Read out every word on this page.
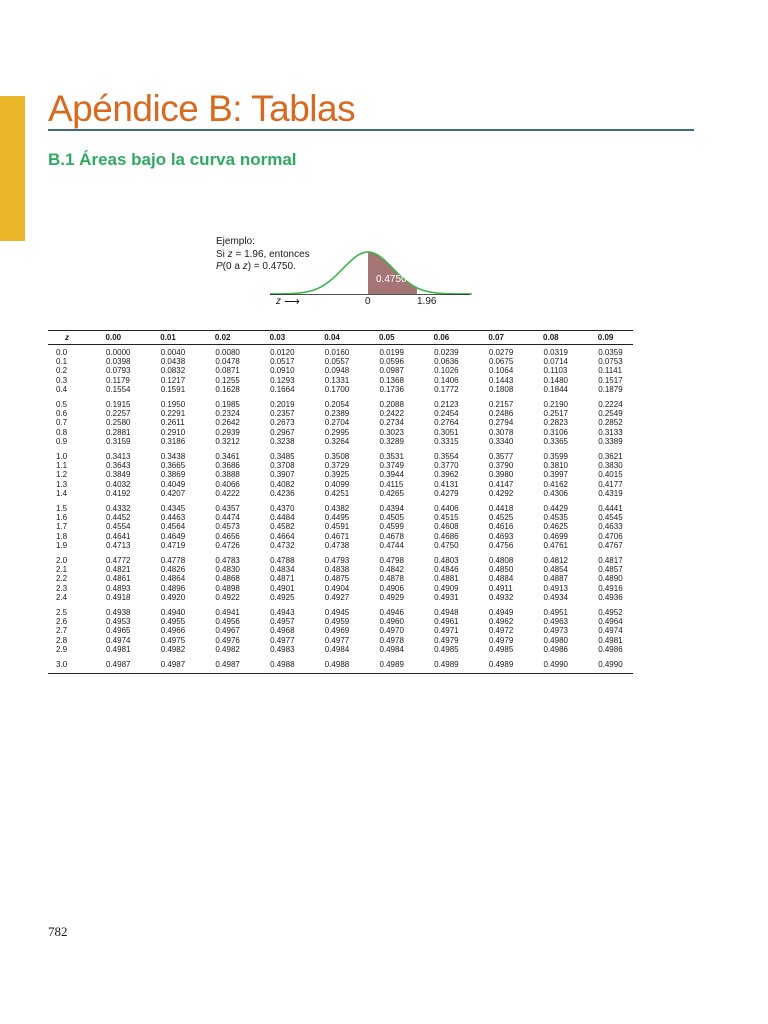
Apéndice B: Tablas
B.1 Áreas bajo la curva normal
Ejemplo:
Si z = 1.96, entonces
P(0 a z) = 0.4750.
0.4750
0	1.96
z ⟶
z	0.00	0.01	0.02	0.03	0.04	0.05	0.06	0.07	0.08	0.09
0.0	0.0000	0.0040	0.0080	0.0120	0.0160	0.0199	0.0239	0.0279	0.0319	0.0359
0.1	0.0398	0.0438	0.0478	0.0517	0.0557	0.0596	0.0636	0.0675	0.0714	0.0753
0.2	0.0793	0.0832	0.0871	0.0910	0.0948	0.0987	0.1026	0.1064	0.1103	0.1141
0.3	0.1179	0.1217	0.1255	0.1293	0.1331	0.1368	0.1406	0.1443	0.1480	0.1517
0.4	0.1554	0.1591	0.1628	0.1664	0.1700	0.1736	0.1772	0.1808	0.1844	0.1879
0.5	0.1915	0.1950	0.1985	0.2019	0.2054	0.2088	0.2123	0.2157	0.2190	0.2224
0.6	0.2257	0.2291	0.2324	0.2357	0.2389	0.2422	0.2454	0.2486	0.2517	0.2549
0.7	0.2580	0.2611	0.2642	0.2673	0.2704	0.2734	0.2764	0.2794	0.2823	0.2852
0.8	0.2881	0.2910	0.2939	0.2967	0.2995	0.3023	0.3051	0.3078	0.3106	0.3133
0.9	0.3159	0.3186	0.3212	0.3238	0.3264	0.3289	0.3315	0.3340	0.3365	0.3389
1.0	0.3413	0.3438	0.3461	0.3485	0.3508	0.3531	0.3554	0.3577	0.3599	0.3621
1.1	0.3643	0.3665	0.3686	0.3708	0.3729	0.3749	0.3770	0.3790	0.3810	0.3830
1.2	0.3849	0.3869	0.3888	0.3907	0.3925	0.3944	0.3962	0.3980	0.3997	0.4015
1.3	0.4032	0.4049	0.4066	0.4082	0.4099	0.4115	0.4131	0.4147	0.4162	0.4177
1.4	0.4192	0.4207	0.4222	0.4236	0.4251	0.4265	0.4279	0.4292	0.4306	0.4319
1.5	0.4332	0.4345	0.4357	0.4370	0.4382	0.4394	0.4406	0.4418	0.4429	0.4441
1.6	0.4452	0.4463	0.4474	0.4484	0.4495	0.4505	0.4515	0.4525	0.4535	0.4545
1.7	0.4554	0.4564	0.4573	0.4582	0.4591	0.4599	0.4608	0.4616	0.4625	0.4633
1.8	0.4641	0.4649	0.4656	0.4664	0.4671	0.4678	0.4686	0.4693	0.4699	0.4706
1.9	0.4713	0.4719	0.4726	0.4732	0.4738	0.4744	0.4750	0.4756	0.4761	0.4767
2.0	0.4772	0.4778	0.4783	0.4788	0.4793	0.4798	0.4803	0.4808	0.4812	0.4817
2.1	0.4821	0.4826	0.4830	0.4834	0.4838	0.4842	0.4846	0.4850	0.4854	0.4857
2.2	0.4861	0.4864	0.4868	0.4871	0.4875	0.4878	0.4881	0.4884	0.4887	0.4890
2.3	0.4893	0.4896	0.4898	0.4901	0.4904	0.4906	0.4909	0.4911	0.4913	0.4916
2.4	0.4918	0.4920	0.4922	0.4925	0.4927	0.4929	0.4931	0.4932	0.4934	0.4936
2.5	0.4938	0.4940	0.4941	0.4943	0.4945	0.4946	0.4948	0.4949	0.4951	0.4952
2.6	0.4953	0.4955	0.4956	0.4957	0.4959	0.4960	0.4961	0.4962	0.4963	0.4964
2.7	0.4965	0.4966	0.4967	0.4968	0.4969	0.4970	0.4971	0.4972	0.4973	0.4974
2.8	0.4974	0.4975	0.4976	0.4977	0.4977	0.4978	0.4979	0.4979	0.4980	0.4981
2.9	0.4981	0.4982	0.4982	0.4983	0.4984	0.4984	0.4985	0.4985	0.4986	0.4986
3.0	0.4987	0.4987	0.4987	0.4988	0.4988	0.4989	0.4989	0.4989	0.4990	0.4990
782
